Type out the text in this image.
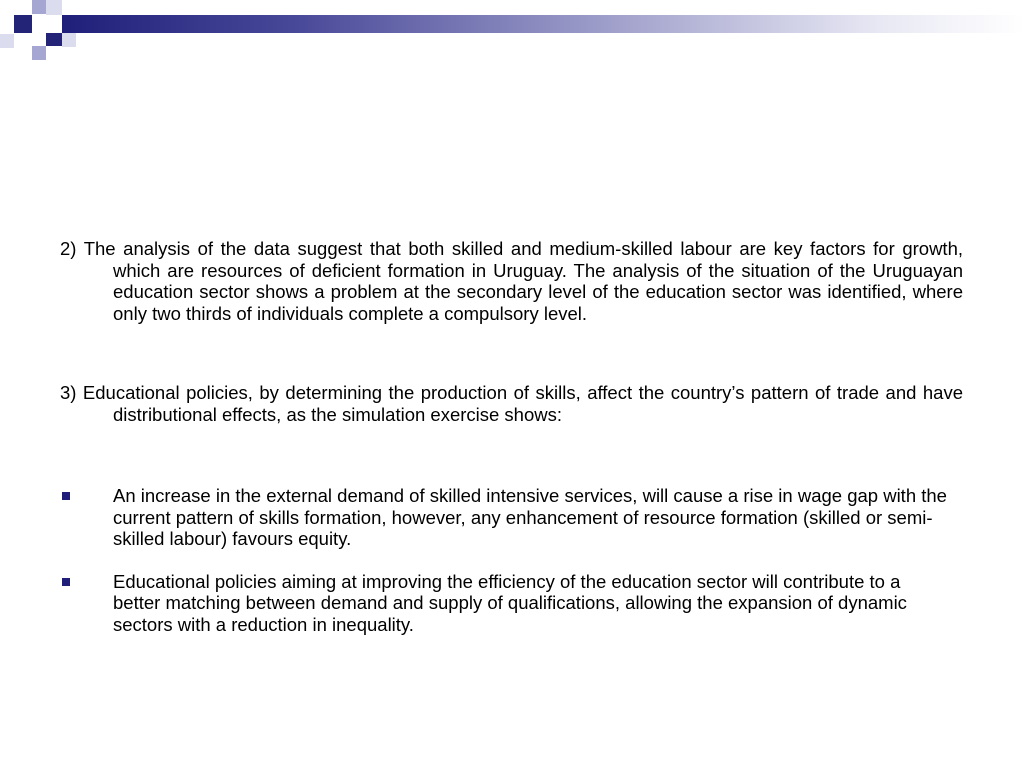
2) The analysis of the data suggest that both skilled and medium-skilled labour are key factors for growth, which are resources of deficient formation in Uruguay. The analysis of the situation of the Uruguayan education sector shows a problem at the secondary level of the education sector was identified, where only two thirds of individuals complete a compulsory level.

3) Educational policies, by determining the production of skills, affect the country’s pattern of trade and have distributional effects, as the simulation exercise shows:

An increase in the external demand of skilled intensive services, will cause a rise in wage gap with the current pattern of skills formation, however, any enhancement of resource formation (skilled or semi-skilled labour) favours equity.
Educational policies aiming at improving the efficiency of the education sector will contribute to a better matching between demand and supply of qualifications, allowing the expansion of dynamic sectors with a reduction in inequality.
